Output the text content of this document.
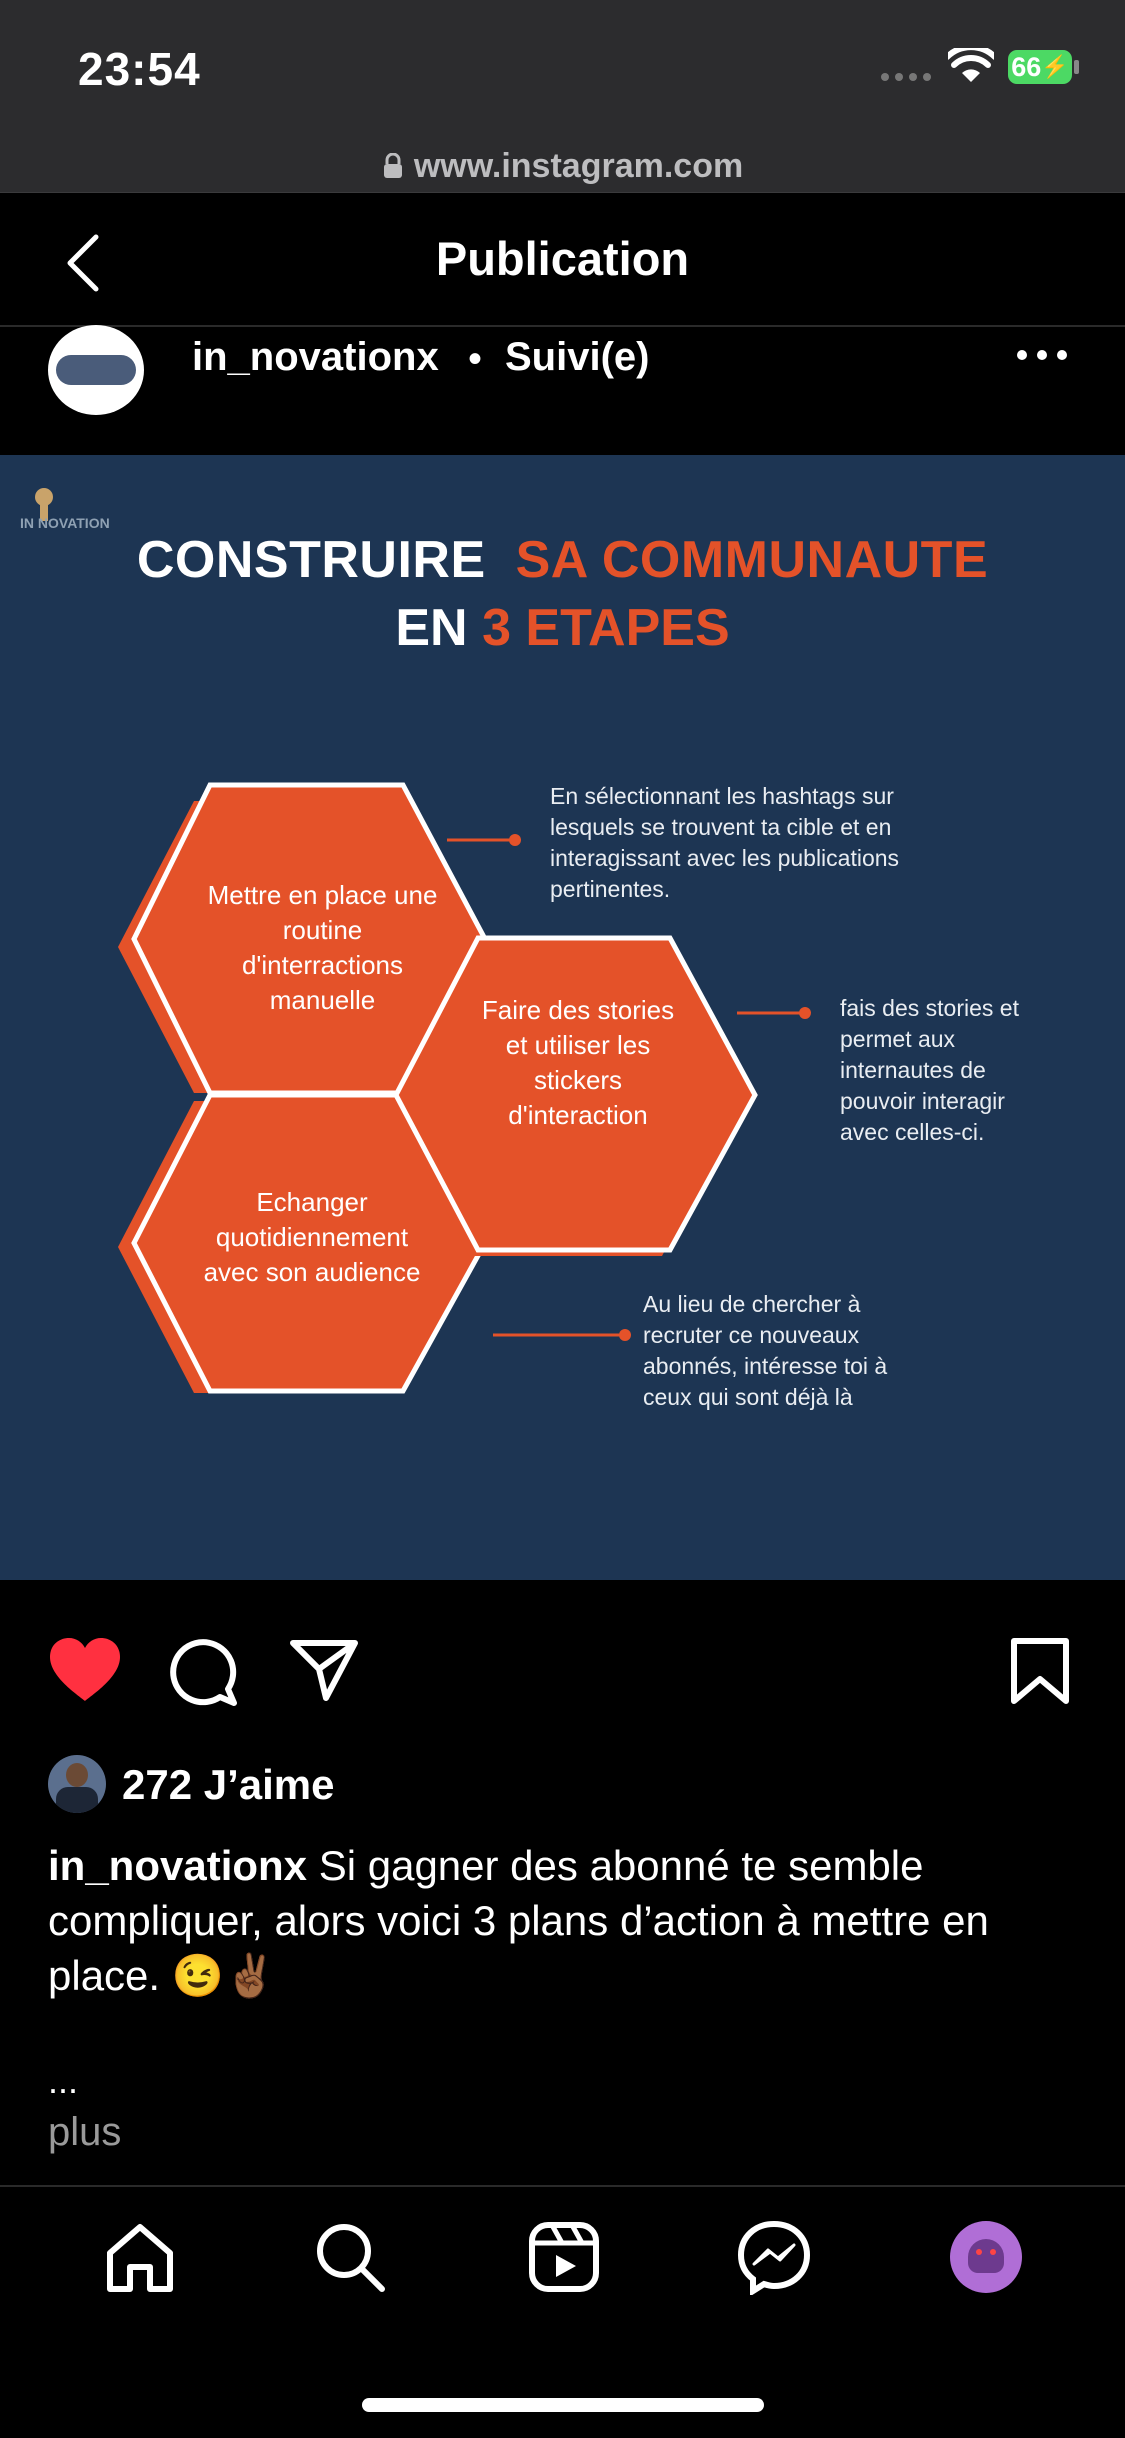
23:54	66 ⚡
www.instagram.com
Publication
in_novationx • Suivi(e)
IN NOVATION
CONSTRUIRE SA COMMUNAUTE
EN 3 ETAPES
Mettre en place une routine d'interractions manuelle	Faire des stories et utiliser les stickers d'interaction
Echanger quotidiennement avec son audience
En sélectionnant les hashtags sur lesquels se trouvent ta cible et en interagissant avec les publications pertinentes.
fais des stories et permet aux internautes de pouvoir interagir avec celles-ci.
Au lieu de chercher à recruter ce nouveaux abonnés, intéresse toi à ceux qui sont déjà là
272 J’aime
in_novationx Si gagner des abonné te semble compliquer, alors voici 3 plans d’action à mettre en place. 😉✌🏾
...
plus
